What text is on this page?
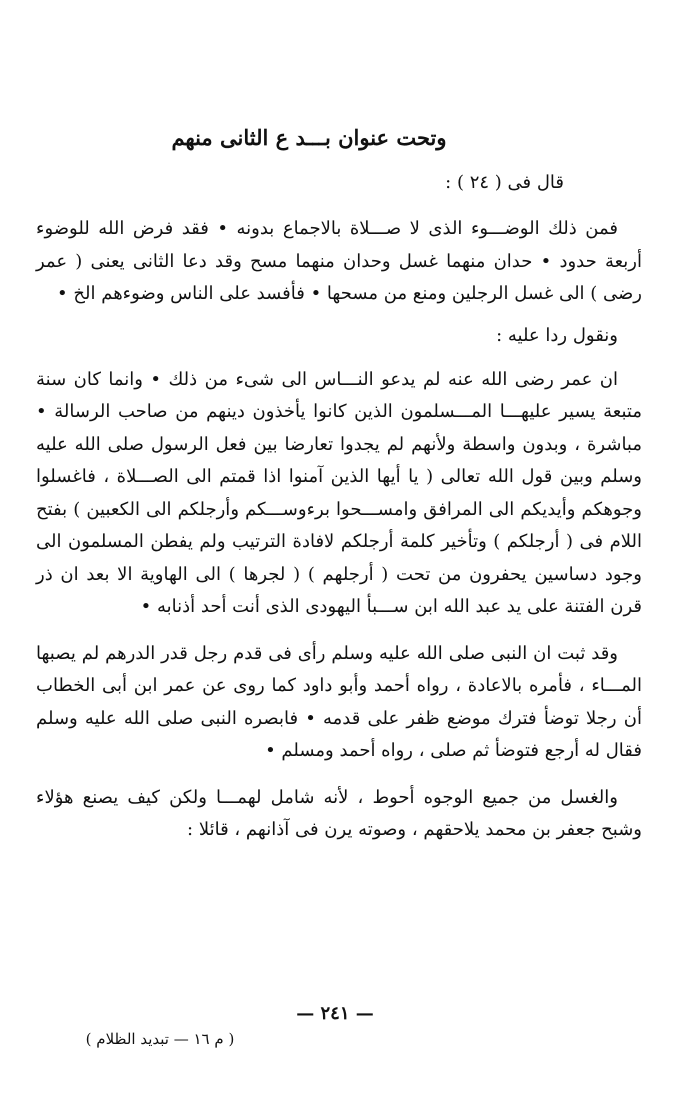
وتحت عنوان بـــد ع الثانى منهم
قال فى ( ٢٤ ) :

فمن ذلك الوضـــوء الذى لا صـــلاة بالاجماع بدونه • فقد فرض الله للوضوء أربعة حدود • حدان منهما غسل وحدان منهما مسح وقد دعا الثانى يعنى ( عمر رضى ) الى غسل الرجلين ومنع من مسحها • فأفسد على الناس وضوءهم الخ •

ونقول ردا عليه :

ان عمر رضى الله عنه لم يدعو النـــاس الى شىء من ذلك • وانما كان سنة متبعة يسير عليهـــا المـــسلمون الذين كانوا يأخذون دينهم من صاحب الرسالة • مباشرة ، وبدون واسطة ولأنهم لم يجدوا تعارضا بين فعل الرسول صلى الله عليه وسلم وبين قول الله تعالى ( يا أيها الذين آمنوا اذا قمتم الى الصـــلاة ، فاغسلوا وجوهكم وأيديكم الى المرافق وامســـحوا برءوســـكم وأرجلكم الى الكعبين ) بفتح اللام فى ( أرجلكم ) وتأخير كلمة أرجلكم لافادة الترتيب ولم يفطن المسلمون الى وجود دساسين يحفرون من تحت ( أرجلهم ) ( لجرها ) الى الهاوية الا بعد ان ذر قرن الفتنة على يد عبد الله ابن ســـبأ اليهودى الذى أنت أحد أذنابه •

وقد ثبت ان النبى صلى الله عليه وسلم رأى فى قدم رجل قدر الدرهم لم يصبها المـــاء ، فأمره بالاعادة ، رواه أحمد وأبو داود كما روى عن عمر ابن أبى الخطاب أن رجلا توضأ فترك موضع ظفر على قدمه • فابصره النبى صلى الله عليه وسلم فقال له أرجع فتوضأ ثم صلى ، رواه أحمد ومسلم •

والغسل من جميع الوجوه أحوط ، لأنه شامل لهمـــا ولكن كيف يصنع هؤلاء وشبح جعفر بن محمد يلاحقهم ، وصوته يرن فى آذانهم ، قائلا :

— ٢٤١ —
( م ١٦ — تبديد الظلام )
